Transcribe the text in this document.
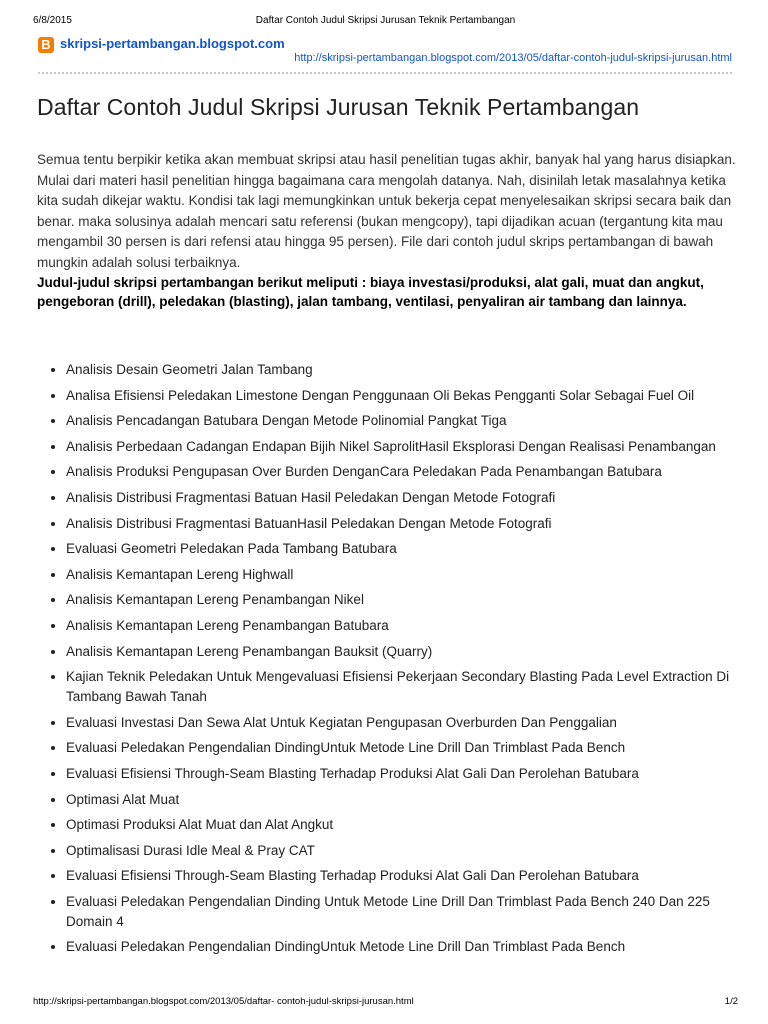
6/8/2015	Daftar Contoh Judul Skripsi Jurusan Teknik Pertambangan
B skripsi-pertambangan.blogspot.com
http://skripsi-pertambangan.blogspot.com/2013/05/daftar-contoh-judul-skripsi-jurusan.html
Daftar Contoh Judul Skripsi Jurusan Teknik Pertambangan

Semua tentu berpikir ketika akan membuat skripsi atau hasil penelitian tugas akhir, banyak hal yang harus disiapkan. Mulai dari materi hasil penelitian hingga bagaimana cara mengolah datanya. Nah, disinilah letak masalahnya ketika kita sudah dikejar waktu. Kondisi tak lagi memungkinkan untuk bekerja cepat menyelesaikan skripsi secara baik dan benar. maka solusinya adalah mencari satu referensi (bukan mengcopy), tapi dijadikan acuan (tergantung kita mau mengambil 30 persen is dari refensi atau hingga 95 persen). File dari contoh judul skrips pertambangan di bawah mungkin adalah solusi terbaiknya.

Judul-judul skripsi pertambangan berikut meliputi : biaya investasi/produksi, alat gali, muat dan angkut, pengeboran (drill), peledakan (blasting), jalan tambang, ventilasi, penyaliran air tambang dan lainnya.

• Analisis Desain Geometri Jalan Tambang
• Analisa Efisiensi Peledakan Limestone Dengan Penggunaan Oli Bekas Pengganti Solar Sebagai Fuel Oil
• Analisis Pencadangan Batubara Dengan Metode Polinomial Pangkat Tiga
• Analisis Perbedaan Cadangan Endapan Bijih Nikel SaprolitHasil Eksplorasi Dengan Realisasi Penambangan
• Analisis Produksi Pengupasan Over Burden DenganCara Peledakan Pada Penambangan Batubara
• Analisis Distribusi Fragmentasi Batuan Hasil Peledakan Dengan Metode Fotografi
• Analisis Distribusi Fragmentasi BatuanHasil Peledakan Dengan Metode Fotografi
• Evaluasi Geometri Peledakan Pada Tambang Batubara
• Analisis Kemantapan Lereng Highwall
• Analisis Kemantapan Lereng Penambangan Nikel
• Analisis Kemantapan Lereng Penambangan Batubara
• Analisis Kemantapan Lereng Penambangan Bauksit (Quarry)
• Kajian Teknik Peledakan Untuk Mengevaluasi Efisiensi Pekerjaan Secondary Blasting Pada Level Extraction Di Tambang Bawah Tanah
• Evaluasi Investasi Dan Sewa Alat Untuk Kegiatan Pengupasan Overburden Dan Penggalian
• Evaluasi Peledakan Pengendalian DindingUntuk Metode Line Drill Dan Trimblast Pada Bench
• Evaluasi Efisiensi Through-Seam Blasting Terhadap Produksi Alat Gali Dan Perolehan Batubara
• Optimasi Alat Muat
• Optimasi Produksi Alat Muat dan Alat Angkut
• Optimalisasi Durasi Idle Meal & Pray CAT
• Evaluasi Efisiensi Through-Seam Blasting Terhadap Produksi Alat Gali Dan Perolehan Batubara
• Evaluasi Peledakan Pengendalian Dinding Untuk Metode Line Drill Dan Trimblast Pada Bench 240 Dan 225 Domain 4
• Evaluasi Peledakan Pengendalian DindingUntuk Metode Line Drill Dan Trimblast Pada Bench
http://skripsi-pertambangan.blogspot.com/2013/05/daftar- contoh-judul-skripsi-jurusan.html	1/2
